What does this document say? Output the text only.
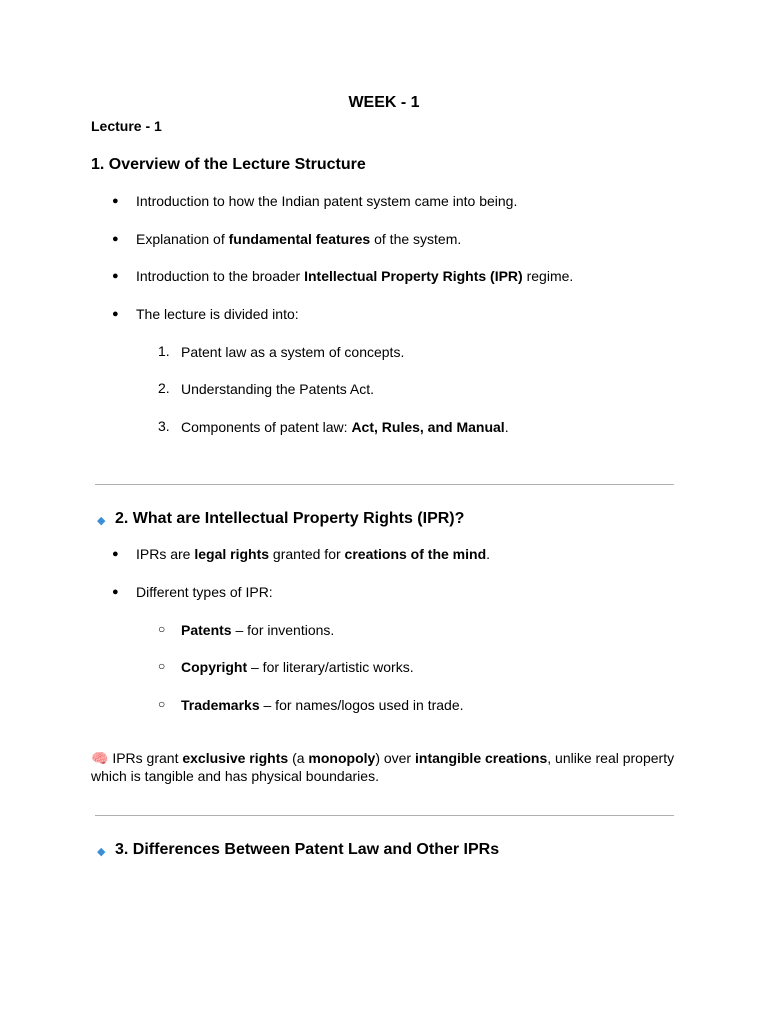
WEEK - 1
Lecture - 1
1. Overview of the Lecture Structure
● Introduction to how the Indian patent system came into being.
● Explanation of fundamental features of the system.
● Introduction to the broader Intellectual Property Rights (IPR) regime.
● The lecture is divided into:
1. Patent law as a system of concepts.
2. Understanding the Patents Act.
3. Components of patent law: Act, Rules, and Manual.
◆ 2. What are Intellectual Property Rights (IPR)?
● IPRs are legal rights granted for creations of the mind.
● Different types of IPR:
○ Patents – for inventions.
○ Copyright – for literary/artistic works.
○ Trademarks – for names/logos used in trade.
🧠 IPRs grant exclusive rights (a monopoly) over intangible creations, unlike real property which is tangible and has physical boundaries.
◆ 3. Differences Between Patent Law and Other IPRs
